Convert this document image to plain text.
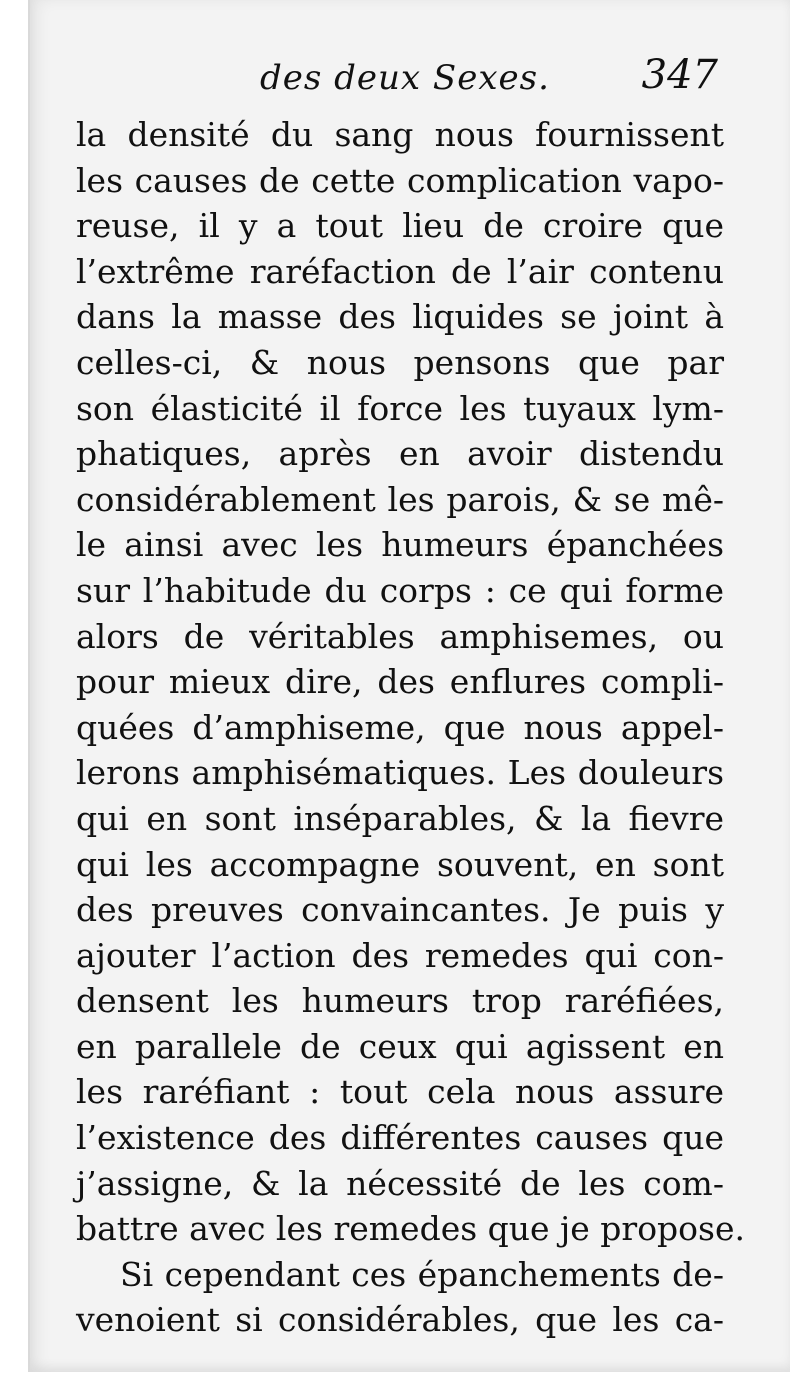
des deux Sexes. 347
la densité du sang nous fournissent
les causes de cette complication vapo-
reuse, il y a tout lieu de croire que
l’extrême raréfaction de l’air contenu
dans la masse des liquides se joint à
celles-ci, & nous pensons que par
son élasticité il force les tuyaux lym-
phatiques, après en avoir distendu
considérablement les parois, & se mê-
le ainsi avec les humeurs épanchées
sur l’habitude du corps : ce qui forme
alors de véritables amphisemes, ou
pour mieux dire, des enflures compli-
quées d’amphiseme, que nous appel-
lerons amphisématiques. Les douleurs
qui en sont inséparables, & la fievre
qui les accompagne souvent, en sont
des preuves convaincantes. Je puis y
ajouter l’action des remedes qui con-
densent les humeurs trop raréfiées,
en parallele de ceux qui agissent en
les raréfiant : tout cela nous assure
l’existence des différentes causes que
j’assigne, & la nécessité de les com-
battre avec les remedes que je propose.
Si cependant ces épanchements de-
venoient si considérables, que les ca-
